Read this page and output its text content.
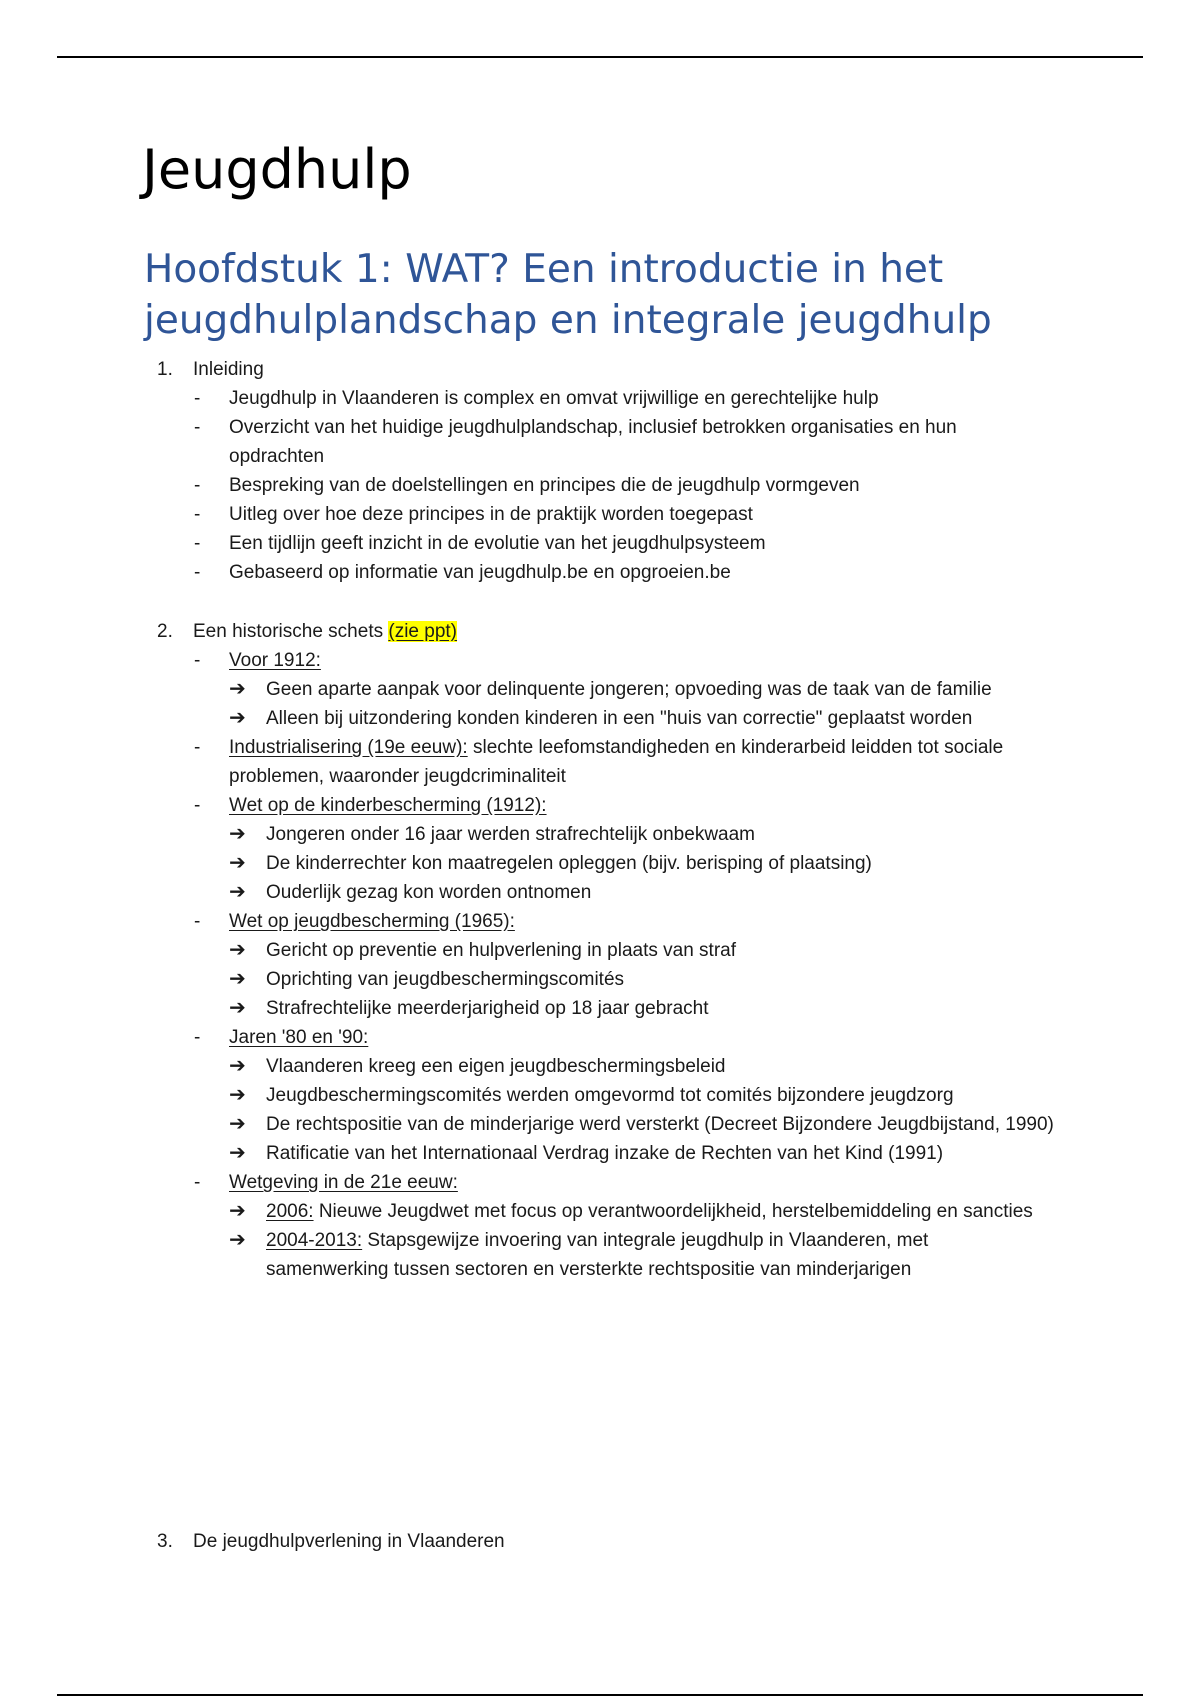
Jeugdhulp
Hoofdstuk 1: WAT? Een introductie in het jeugdhulplandschap en integrale jeugdhulp
1. Inleiding
- Jeugdhulp in Vlaanderen is complex en omvat vrijwillige en gerechtelijke hulp
- Overzicht van het huidige jeugdhulplandschap, inclusief betrokken organisaties en hun opdrachten
- Bespreking van de doelstellingen en principes die de jeugdhulp vormgeven
- Uitleg over hoe deze principes in de praktijk worden toegepast
- Een tijdlijn geeft inzicht in de evolutie van het jeugdhulpsysteem
- Gebaseerd op informatie van jeugdhulp.be en opgroeien.be
2. Een historische schets (zie ppt)
- Voor 1912:
➔ Geen aparte aanpak voor delinquente jongeren; opvoeding was de taak van de familie
➔ Alleen bij uitzondering konden kinderen in een "huis van correctie" geplaatst worden
- Industrialisering (19e eeuw): slechte leefomstandigheden en kinderarbeid leidden tot sociale problemen, waaronder jeugdcriminaliteit
- Wet op de kinderbescherming (1912):
➔ Jongeren onder 16 jaar werden strafrechtelijk onbekwaam
➔ De kinderrechter kon maatregelen opleggen (bijv. berisping of plaatsing)
➔ Ouderlijk gezag kon worden ontnomen
- Wet op jeugdbescherming (1965):
➔ Gericht op preventie en hulpverlening in plaats van straf
➔ Oprichting van jeugdbeschermingscomités
➔ Strafrechtelijke meerderjarigheid op 18 jaar gebracht
- Jaren '80 en '90:
➔ Vlaanderen kreeg een eigen jeugdbeschermingsbeleid
➔ Jeugdbeschermingscomités werden omgevormd tot comités bijzondere jeugdzorg
➔ De rechtspositie van de minderjarige werd versterkt (Decreet Bijzondere Jeugdbijstand, 1990)
➔ Ratificatie van het Internationaal Verdrag inzake de Rechten van het Kind (1991)
- Wetgeving in de 21e eeuw:
➔ 2006: Nieuwe Jeugdwet met focus op verantwoordelijkheid, herstelbemiddeling en sancties
➔ 2004-2013: Stapsgewijze invoering van integrale jeugdhulp in Vlaanderen, met samenwerking tussen sectoren en versterkte rechtspositie van minderjarigen
3. De jeugdhulpverlening in Vlaanderen
